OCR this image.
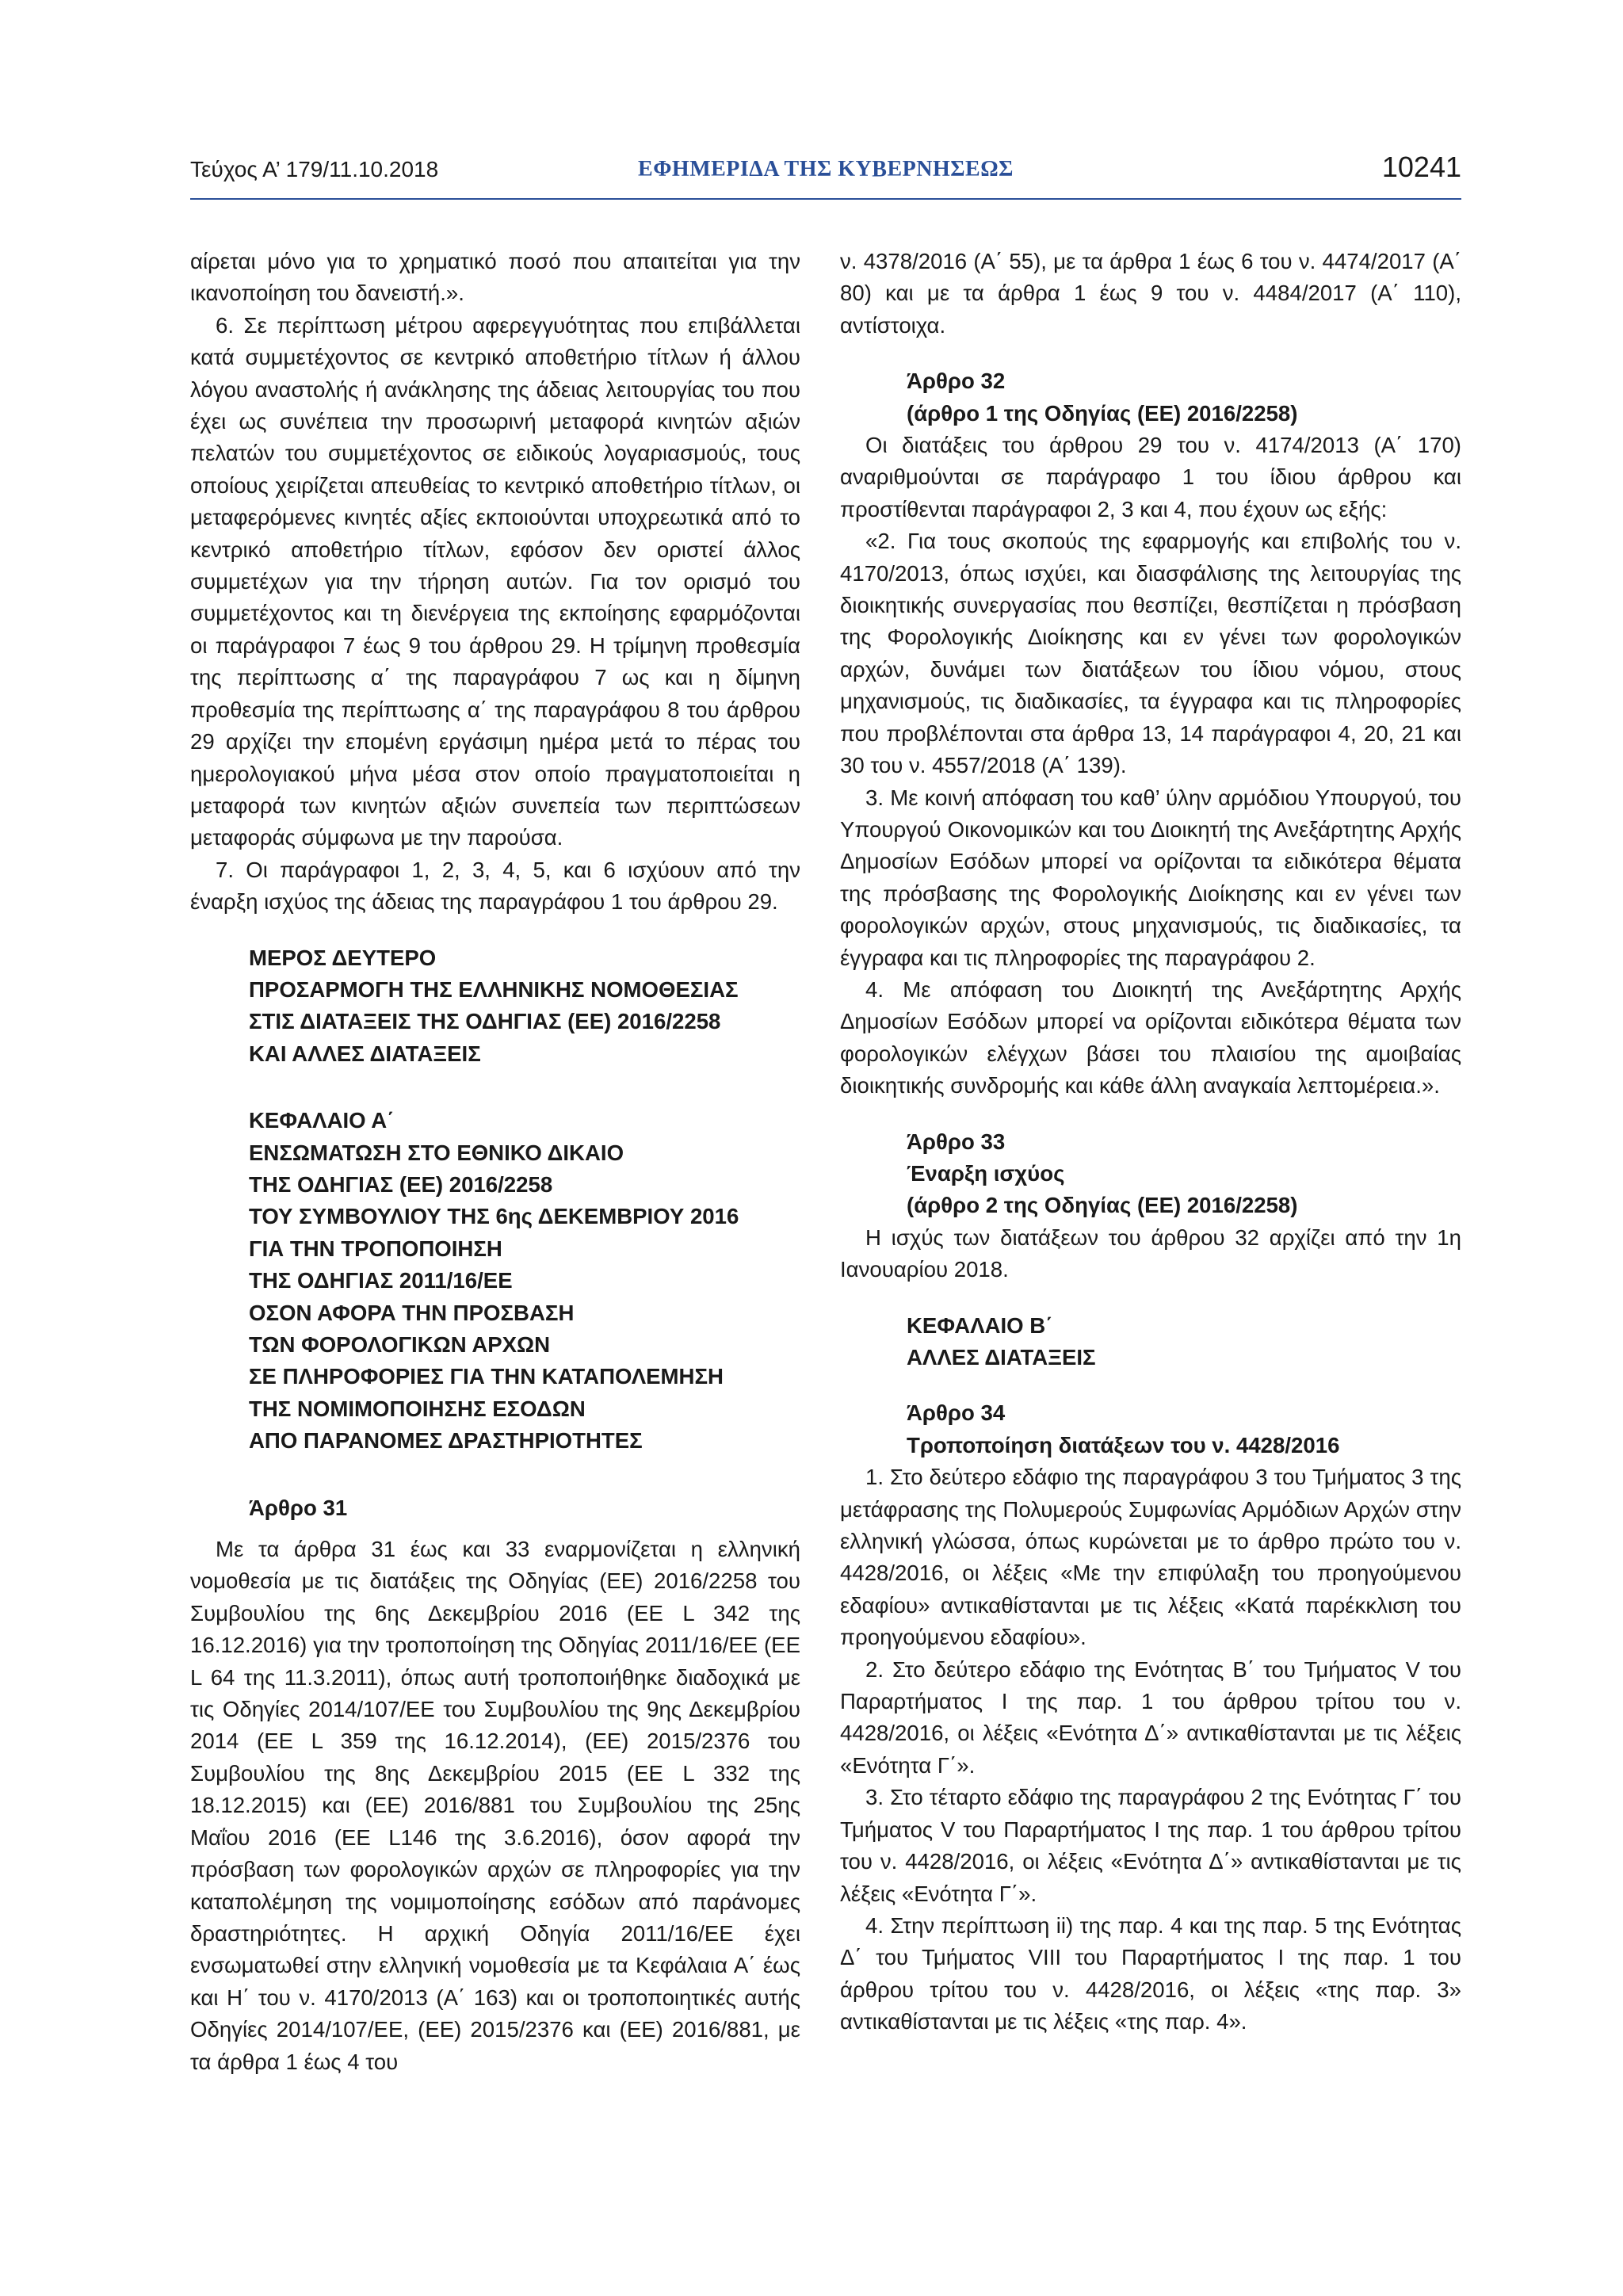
Τεύχος Α’ 179/11.10.2018	ΕΦΗΜΕΡΙΔΑ ΤΗΣ ΚΥΒΕΡΝΗΣΕΩΣ	10241

αίρεται μόνο για το χρηματικό ποσό που απαιτείται για την ικανοποίηση του δανειστή.».

6. Σε περίπτωση μέτρου αφερεγγυότητας που επιβάλλεται κατά συμμετέχοντος σε κεντρικό αποθετήριο τίτλων ή άλλου λόγου αναστολής ή ανάκλησης της άδειας λειτουργίας του που έχει ως συνέπεια την προσωρινή μεταφορά κινητών αξιών πελατών του συμμετέχοντος σε ειδικούς λογαριασμούς, τους οποίους χειρίζεται απευθείας το κεντρικό αποθετήριο τίτλων, οι μεταφερόμενες κινητές αξίες εκποιούνται υποχρεωτικά από το κεντρικό αποθετήριο τίτλων, εφόσον δεν οριστεί άλλος συμμετέχων για την τήρηση αυτών. Για τον ορισμό του συμμετέχοντος και τη διενέργεια της εκποίησης εφαρμόζονται οι παράγραφοι 7 έως 9 του άρθρου 29. Η τρίμηνη προθεσμία της περίπτωσης α΄ της παραγράφου 7 ως και η δίμηνη προθεσμία της περίπτωσης α΄ της παραγράφου 8 του άρθρου 29 αρχίζει την επομένη εργάσιμη ημέρα μετά το πέρας του ημερολογιακού μήνα μέσα στον οποίο πραγματοποιείται η μεταφορά των κινητών αξιών συνεπεία των περιπτώσεων μεταφοράς σύμφωνα με την παρούσα.

7. Οι παράγραφοι 1, 2, 3, 4, 5, και 6 ισχύουν από την έναρξη ισχύος της άδειας της παραγράφου 1 του άρθρου 29.

ΜΕΡΟΣ ΔΕΥΤΕΡΟ
ΠΡΟΣΑΡΜΟΓΗ ΤΗΣ ΕΛΛΗΝΙΚΗΣ ΝΟΜΟΘΕΣΙΑΣ
ΣΤΙΣ ΔΙΑΤΑΞΕΙΣ ΤΗΣ ΟΔΗΓΙΑΣ (ΕΕ) 2016/2258
ΚΑΙ ΑΛΛΕΣ ΔΙΑΤΑΞΕΙΣ
ΚΕΦΑΛΑΙΟ Α΄
ΕΝΣΩΜΑΤΩΣΗ ΣΤΟ ΕΘΝΙΚΟ ΔΙΚΑΙΟ
ΤΗΣ ΟΔΗΓΙΑΣ (ΕΕ) 2016/2258
ΤΟΥ ΣΥΜΒΟΥΛΙΟΥ ΤΗΣ 6ης ΔΕΚΕΜΒΡΙΟΥ 2016
ΓΙΑ ΤΗΝ ΤΡΟΠΟΠΟΙΗΣΗ
ΤΗΣ ΟΔΗΓΙΑΣ 2011/16/ΕΕ
ΟΣΟΝ ΑΦΟΡΑ ΤΗΝ ΠΡΟΣΒΑΣΗ
ΤΩΝ ΦΟΡΟΛΟΓΙΚΩΝ ΑΡΧΩΝ
ΣΕ ΠΛΗΡΟΦΟΡΙΕΣ ΓΙΑ ΤΗΝ ΚΑΤΑΠΟΛΕΜΗΣΗ
ΤΗΣ ΝΟΜΙΜΟΠΟΙΗΣΗΣ ΕΣΟΔΩΝ
ΑΠΟ ΠΑΡΑΝΟΜΕΣ ΔΡΑΣΤΗΡΙΟΤΗΤΕΣ
Άρθρο 31

Με τα άρθρα 31 έως και 33 εναρμονίζεται η ελληνική νομοθεσία με τις διατάξεις της Οδηγίας (ΕΕ) 2016/2258 του Συμβουλίου της 6ης Δεκεμβρίου 2016 (ΕΕ L 342 της 16.12.2016) για την τροποποίηση της Οδηγίας 2011/16/ΕΕ (ΕΕ L 64 της 11.3.2011), όπως αυτή τροποποιήθηκε διαδοχικά με τις Οδηγίες 2014/107/ΕΕ του Συμβουλίου της 9ης Δεκεμβρίου 2014 (ΕΕ L 359 της 16.12.2014), (ΕΕ) 2015/2376 του Συμβουλίου της 8ης Δεκεμβρίου 2015 (ΕΕ L 332 της 18.12.2015) και (ΕΕ) 2016/881 του Συμβουλίου της 25ης Μαΐου 2016 (ΕΕ L146 της 3.6.2016), όσον αφορά την πρόσβαση των φορολογικών αρχών σε πληροφορίες για την καταπολέμηση της νομιμοποίησης εσόδων από παράνομες δραστηριότητες. Η αρχική Οδηγία 2011/16/ΕΕ έχει ενσωματωθεί στην ελληνική νομοθεσία με τα Κεφάλαια Α΄ έως και Η΄ του ν. 4170/2013 (Α΄ 163) και οι τροποποιητικές αυτής Οδηγίες 2014/107/ΕΕ, (ΕΕ) 2015/2376 και (ΕΕ) 2016/881, με τα άρθρα 1 έως 4 του

ν. 4378/2016 (Α΄ 55), με τα άρθρα 1 έως 6 του ν. 4474/2017 (Α΄ 80) και με τα άρθρα 1 έως 9 του ν. 4484/2017 (Α΄ 110), αντίστοιχα.

Άρθρο 32
(άρθρο 1 της Οδηγίας (ΕΕ) 2016/2258)

Οι διατάξεις του άρθρου 29 του ν. 4174/2013 (Α΄ 170) αναριθμούνται σε παράγραφο 1 του ίδιου άρθρου και προστίθενται παράγραφοι 2, 3 και 4, που έχουν ως εξής:

«2. Για τους σκοπούς της εφαρμογής και επιβολής του ν. 4170/2013, όπως ισχύει, και διασφάλισης της λειτουργίας της διοικητικής συνεργασίας που θεσπίζει, θεσπίζεται η πρόσβαση της Φορολογικής Διοίκησης και εν γένει των φορολογικών αρχών, δυνάμει των διατάξεων του ίδιου νόμου, στους μηχανισμούς, τις διαδικασίες, τα έγγραφα και τις πληροφορίες που προβλέπονται στα άρθρα 13, 14 παράγραφοι 4, 20, 21 και 30 του ν. 4557/2018 (Α΄ 139).

3. Με κοινή απόφαση του καθ’ ύλην αρμόδιου Υπουργού, του Υπουργού Οικονομικών και του Διοικητή της Ανεξάρτητης Αρχής Δημοσίων Εσόδων μπορεί να ορίζονται τα ειδικότερα θέματα της πρόσβασης της Φορολογικής Διοίκησης και εν γένει των φορολογικών αρχών, στους μηχανισμούς, τις διαδικασίες, τα έγγραφα και τις πληροφορίες της παραγράφου 2.

4. Με απόφαση του Διοικητή της Ανεξάρτητης Αρχής Δημοσίων Εσόδων μπορεί να ορίζονται ειδικότερα θέματα των φορολογικών ελέγχων βάσει του πλαισίου της αμοιβαίας διοικητικής συνδρομής και κάθε άλλη αναγκαία λεπτομέρεια.».

Άρθρο 33
Έναρξη ισχύος
(άρθρο 2 της Οδηγίας (ΕΕ) 2016/2258)

Η ισχύς των διατάξεων του άρθρου 32 αρχίζει από την 1η Ιανουαρίου 2018.

ΚΕΦΑΛΑΙΟ Β΄
ΑΛΛΕΣ ΔΙΑΤΑΞΕΙΣ
Άρθρο 34
Τροποποίηση διατάξεων του ν. 4428/2016

1. Στο δεύτερο εδάφιο της παραγράφου 3 του Τμήματος 3 της μετάφρασης της Πολυμερούς Συμφωνίας Αρμόδιων Αρχών στην ελληνική γλώσσα, όπως κυρώνεται με το άρθρο πρώτο του ν. 4428/2016, οι λέξεις «Με την επιφύλαξη του προηγούμενου εδαφίου» αντικαθίστανται με τις λέξεις «Κατά παρέκκλιση του προηγούμενου εδαφίου».

2. Στο δεύτερο εδάφιο της Ενότητας Β΄ του Τμήματος V του Παραρτήματος Ι της παρ. 1 του άρθρου τρίτου του ν. 4428/2016, οι λέξεις «Ενότητα Δ΄» αντικαθίστανται με τις λέξεις «Ενότητα Γ΄».

3. Στο τέταρτο εδάφιο της παραγράφου 2 της Ενότητας Γ΄ του Τμήματος V του Παραρτήματος Ι της παρ. 1 του άρθρου τρίτου του ν. 4428/2016, οι λέξεις «Ενότητα Δ΄» αντικαθίστανται με τις λέξεις «Ενότητα Γ΄».

4. Στην περίπτωση ii) της παρ. 4 και της παρ. 5 της Ενότητας Δ΄ του Τμήματος VIII του Παραρτήματος Ι της παρ. 1 του άρθρου τρίτου του ν. 4428/2016, οι λέξεις «της παρ. 3» αντικαθίστανται με τις λέξεις «της παρ. 4».
